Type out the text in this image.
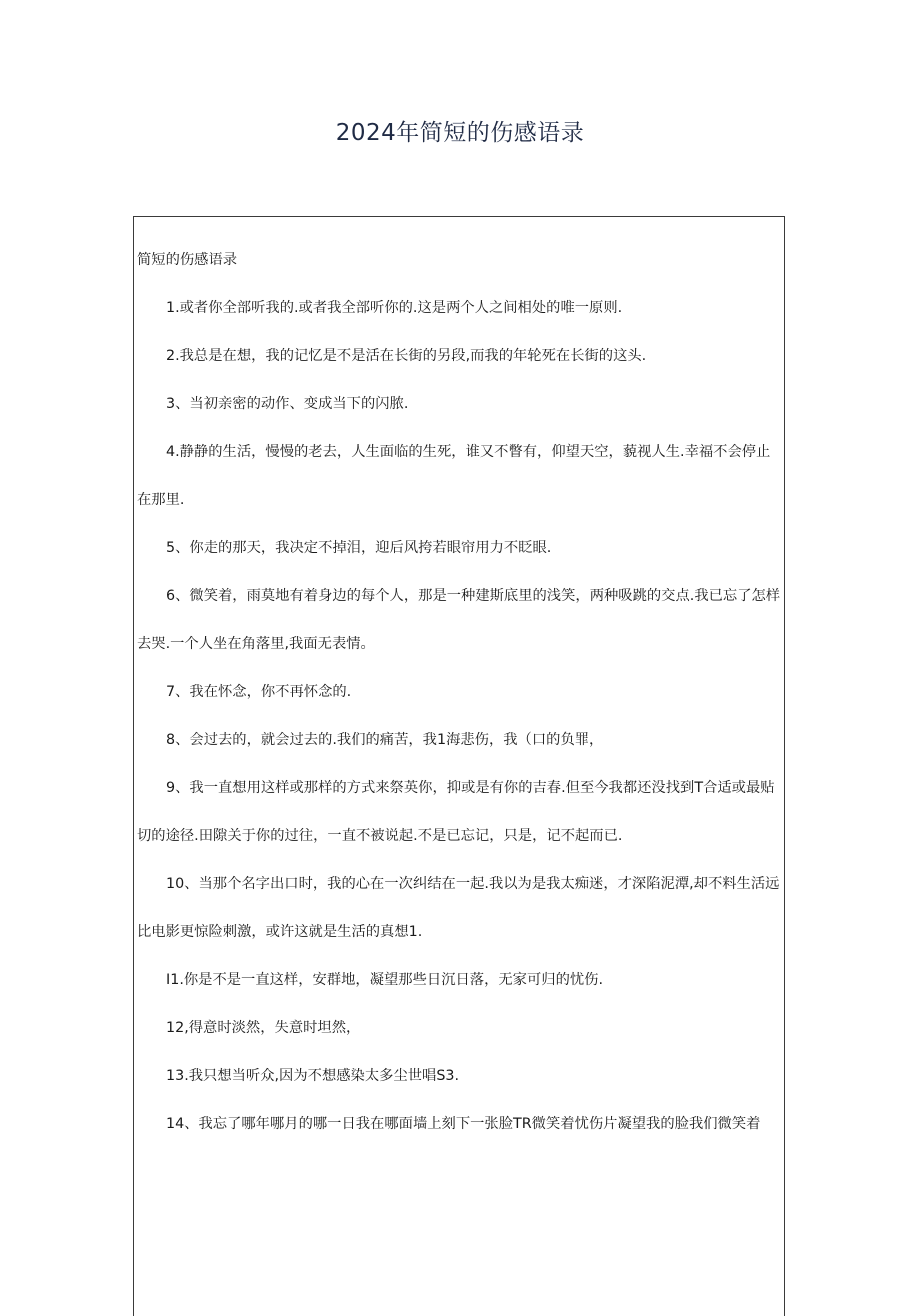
2024年简短的伤感语录

简短的伤感语录

1.或者你全部听我的.或者我全部听你的.这是两个人之间相处的唯一原则.

2.我总是在想，我的记忆是不是活在长街的另段,而我的年轮死在长街的这头.

3、当初亲密的动作、变成当下的闪脓.

4.静静的生活，慢慢的老去，人生面临的生死，谁又不瞥有，仰望天空，藐视人生.幸福不会停止在那里.

5、你走的那天，我决定不掉泪，迎后风挎若眼帘用力不眨眼.

6、微笑着，雨莫地有着身边的每个人，那是一种建斯底里的浅笑，两种吸跳的交点.我已忘了怎样去哭.一个人坐在角落里,我面无表情。

7、我在怀念，你不再怀念的.

8、会过去的，就会过去的.我们的痛苦，我1海悲伤，我（口的负罪，

9、我一直想用这样或那样的方式来祭英你，抑或是有你的吉春.但至今我都还没找到T合适或最贴切的途径.田隙关于你的过往，一直不被说起.不是已忘记，只是，记不起而已.

10、当那个名字出口时，我的心在一次纠结在一起.我以为是我太痴迷，才深陷泥潭,却不料生活远比电影更惊险刺激，或许这就是生活的真想1.

I1.你是不是一直这样，安群地，凝望那些日沉日落，无家可归的忧伤.

12,得意时淡然，失意时坦然，

13.我只想当听众,因为不想感染太多尘世唱S3.

14、我忘了哪年哪月的哪一日我在哪面墙上刻下一张脸TR微笑着忧伤片凝望我的脸我们微笑着
